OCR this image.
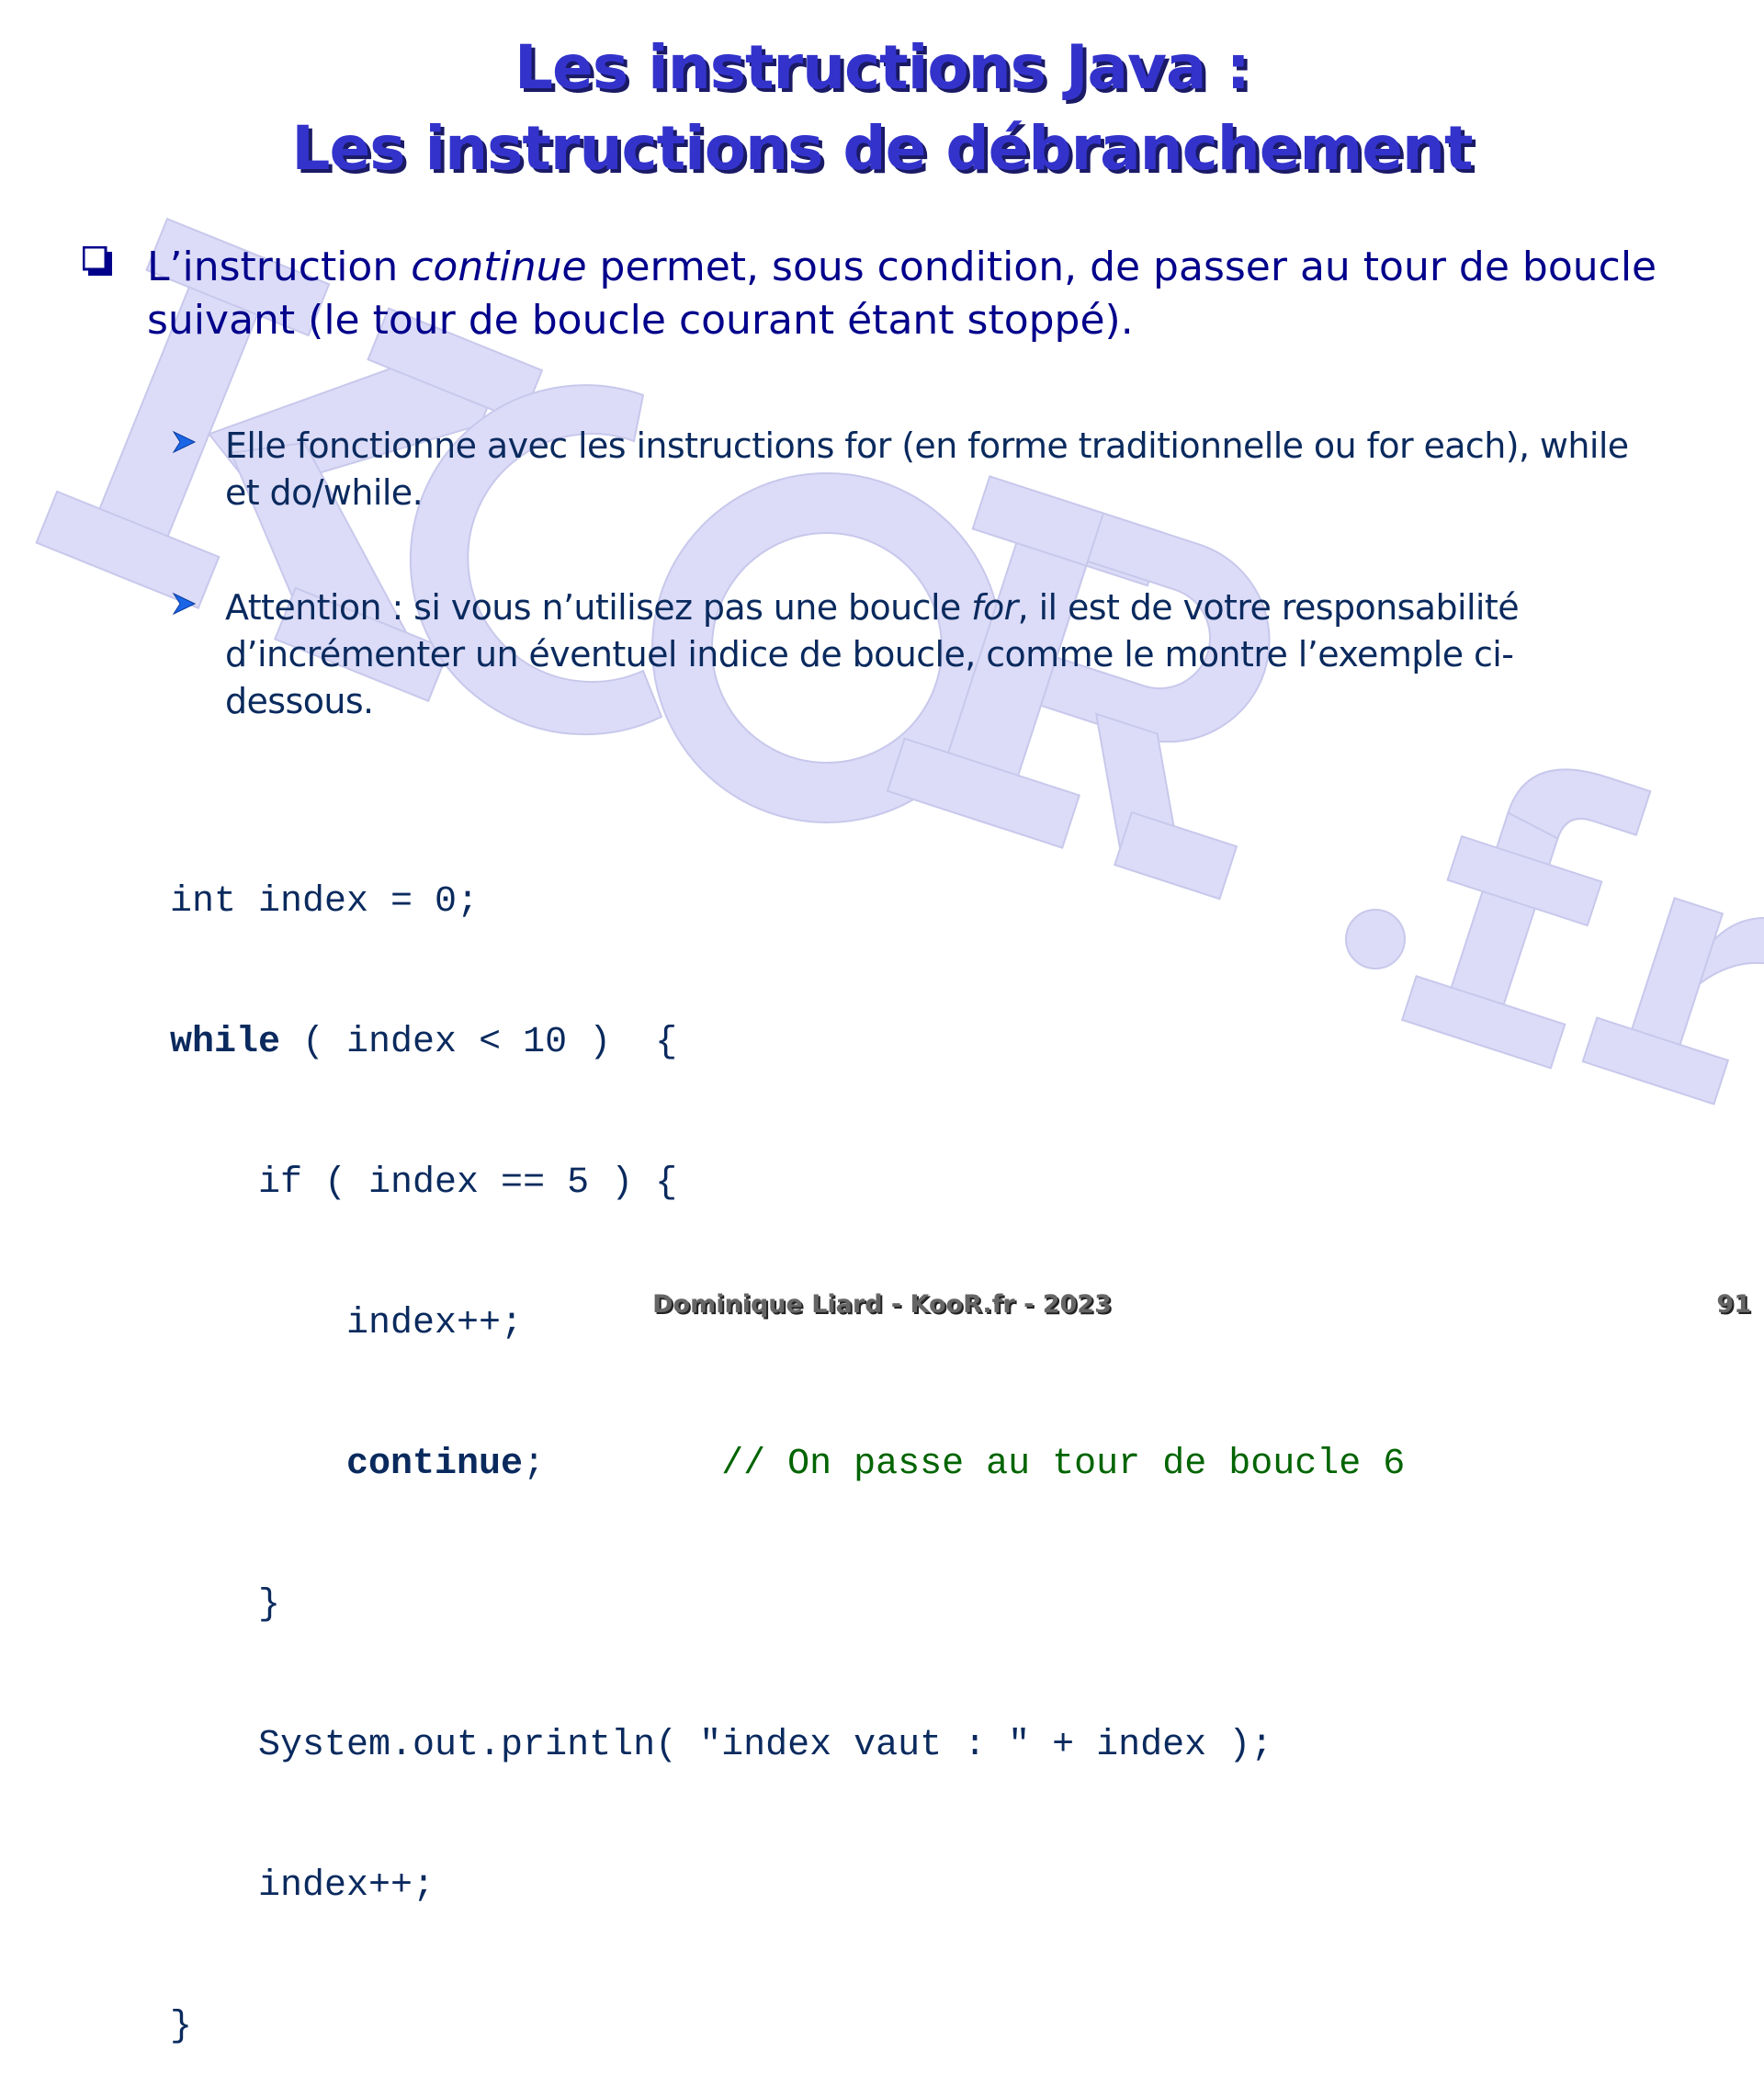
Les instructions Java :
Les instructions de débranchement
L’instruction continue permet, sous condition, de passer au tour de boucle suivant (le tour de boucle courant étant stoppé).
Elle fonctionne avec les instructions for (en forme traditionnelle ou for each), while et do/while.
Attention : si vous n’utilisez pas une boucle for, il est de votre responsabilité d’incrémenter un éventuel indice de boucle, comme le montre l’exemple ci-dessous.

int index = 0;

while ( index < 10 )  {

if ( index == 5 ) {

index++;

continue;        // On passe au tour de boucle 6

}

System.out.println( "index vaut : " + index );

index++;

}

Dominique Liard - KooR.fr - 2023	91
